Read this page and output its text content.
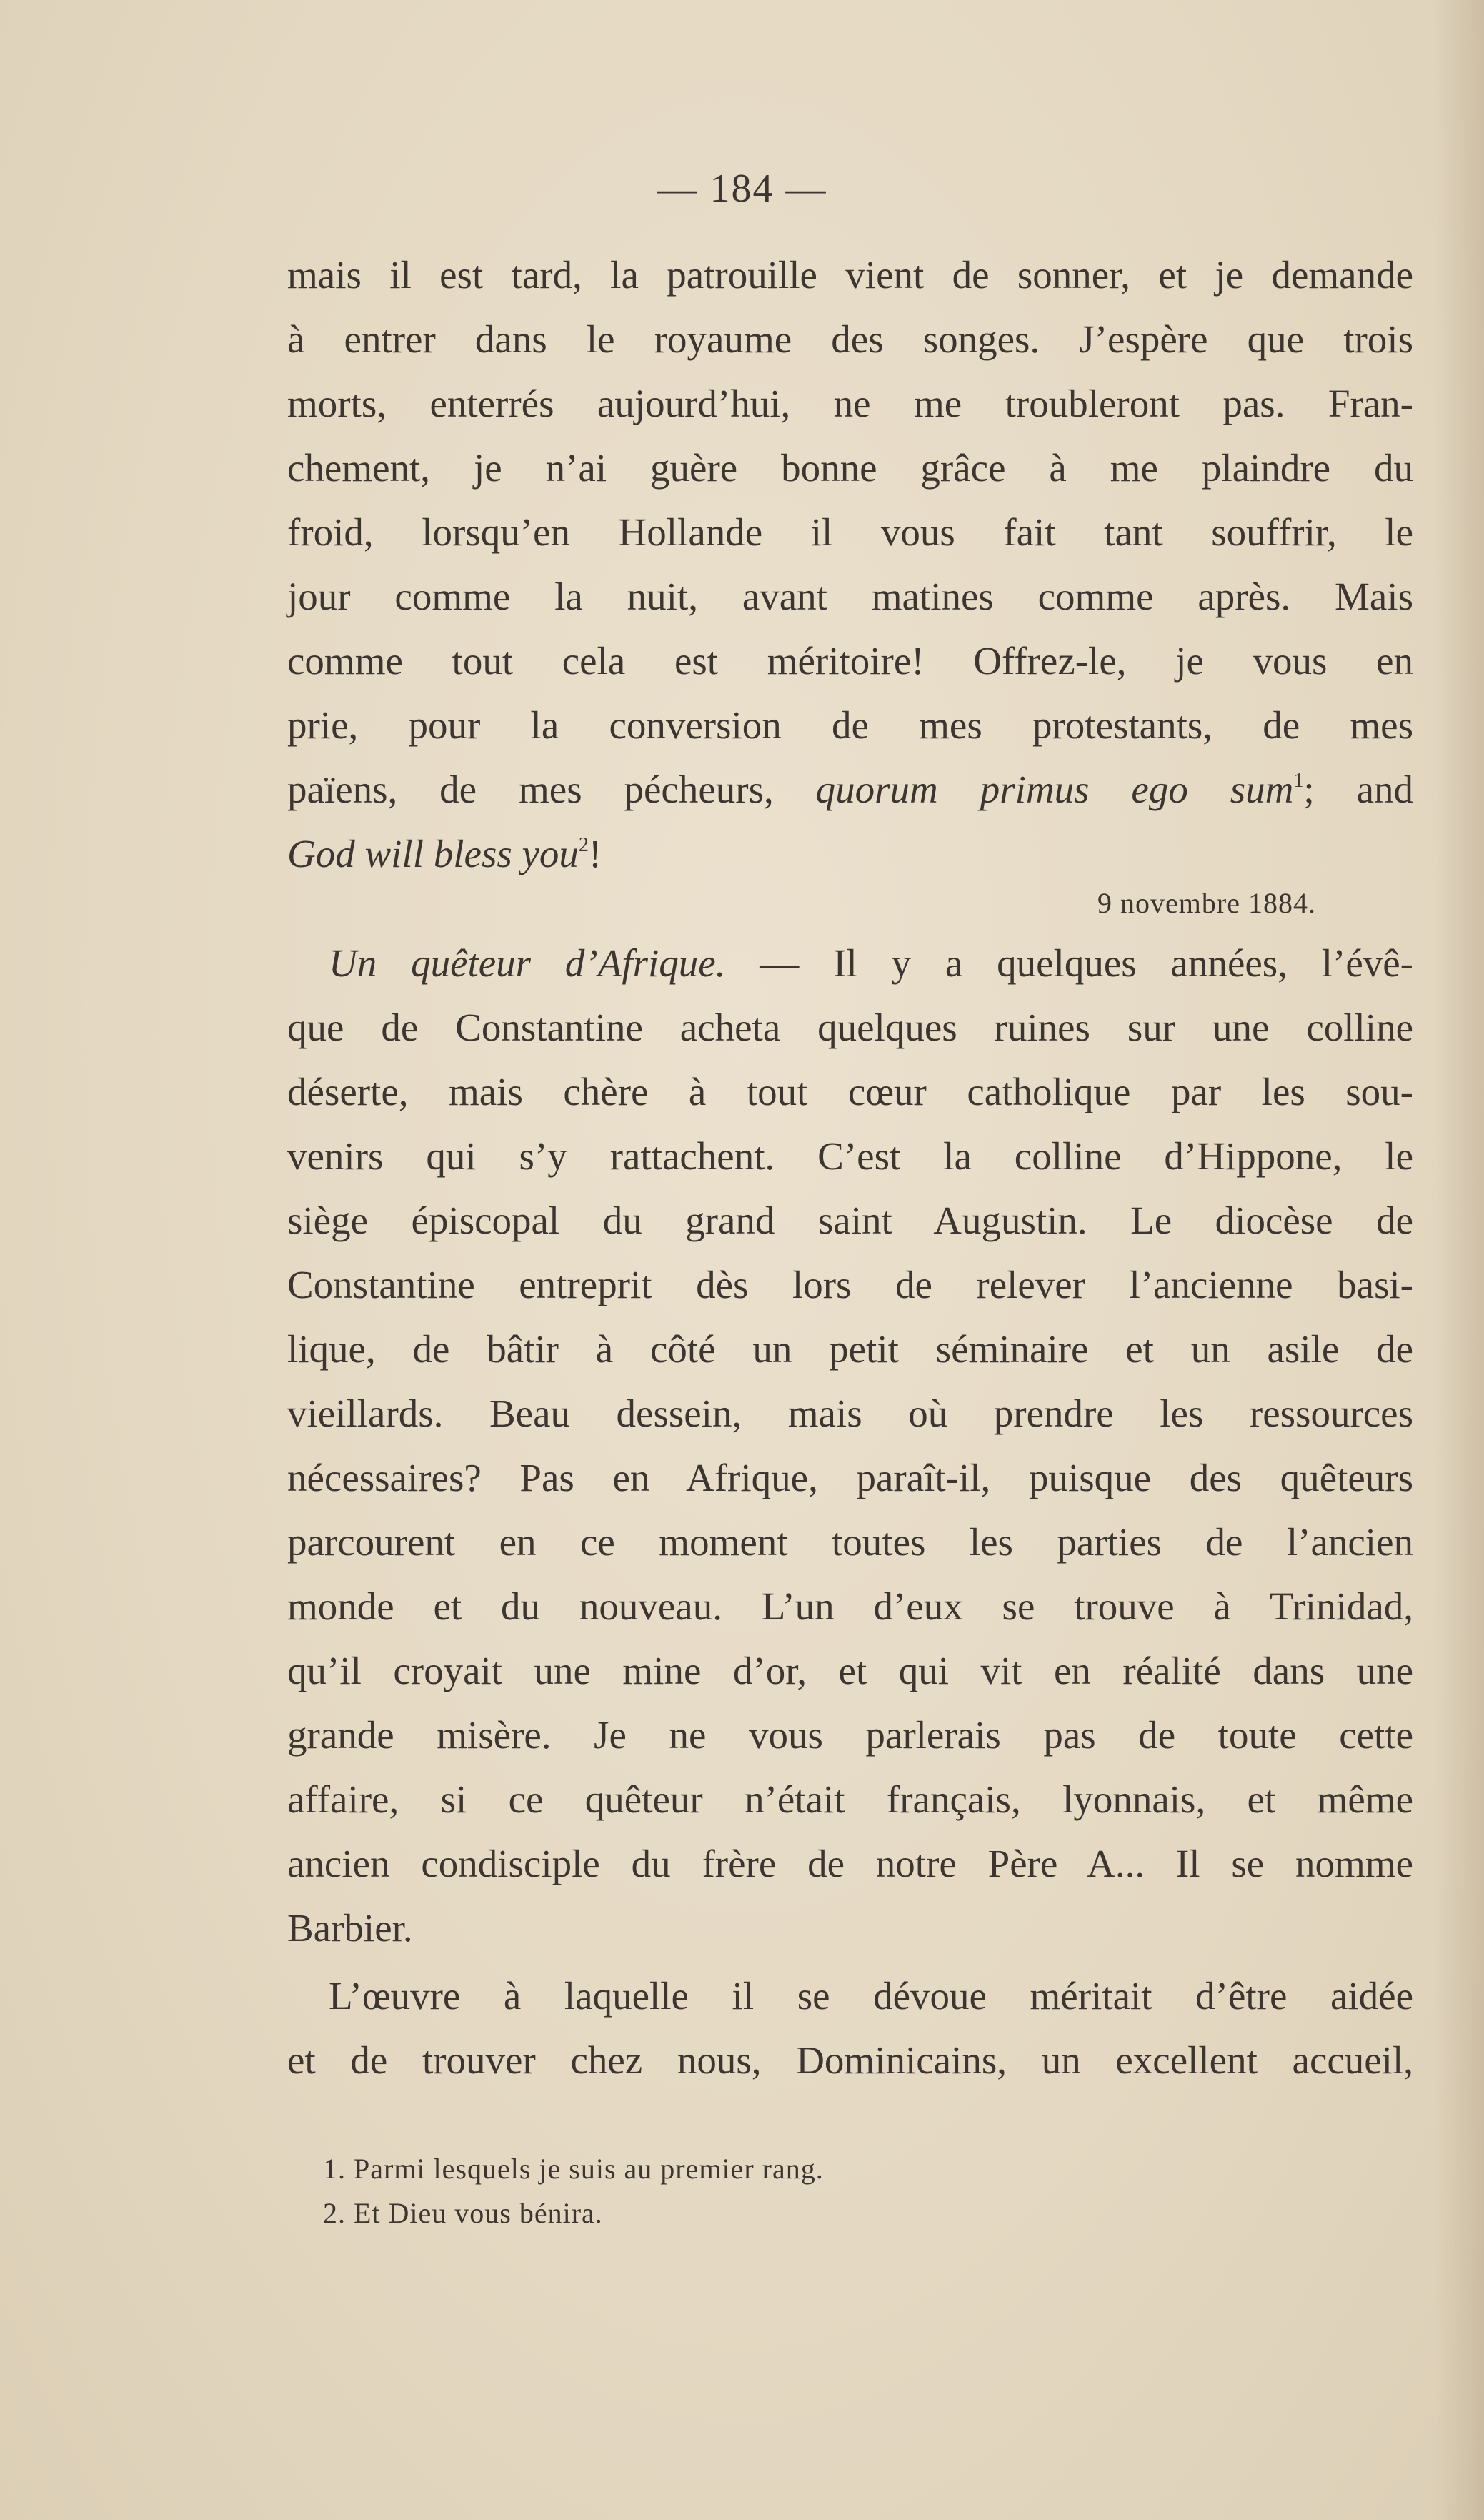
— 184 —
mais il est tard, la patrouille vient de sonner, et je demande
à entrer dans le royaume des songes. J’espère que trois
morts, enterrés aujourd’hui, ne me troubleront pas. Fran-
chement, je n’ai guère bonne grâce à me plaindre du
froid, lorsqu’en Hollande il vous fait tant souffrir, le
jour comme la nuit, avant matines comme après. Mais
comme tout cela est méritoire! Offrez-le, je vous en
prie, pour la conversion de mes protestants, de mes
païens, de mes pécheurs, quorum primus ego sum$^1$; and
God will bless you$^2$!
9 novembre 1884.
Un quêteur d’Afrique. — Il y a quelques années, l’évê-
que de Constantine acheta quelques ruines sur une colline
déserte, mais chère à tout cœur catholique par les sou-
venirs qui s’y rattachent. C’est la colline d’Hippone, le
siège épiscopal du grand saint Augustin. Le diocèse de
Constantine entreprit dès lors de relever l’ancienne basi-
lique, de bâtir à côté un petit séminaire et un asile de
vieillards. Beau dessein, mais où prendre les ressources
nécessaires? Pas en Afrique, paraît-il, puisque des quêteurs
parcourent en ce moment toutes les parties de l’ancien
monde et du nouveau. L’un d’eux se trouve à Trinidad,
qu’il croyait une mine d’or, et qui vit en réalité dans une
grande misère. Je ne vous parlerais pas de toute cette
affaire, si ce quêteur n’était français, lyonnais, et même
ancien condisciple du frère de notre Père A... Il se nomme
Barbier.
L’œuvre à laquelle il se dévoue méritait d’être aidée
et de trouver chez nous, Dominicains, un excellent accueil,
1. Parmi lesquels je suis au premier rang.
2. Et Dieu vous bénira.
